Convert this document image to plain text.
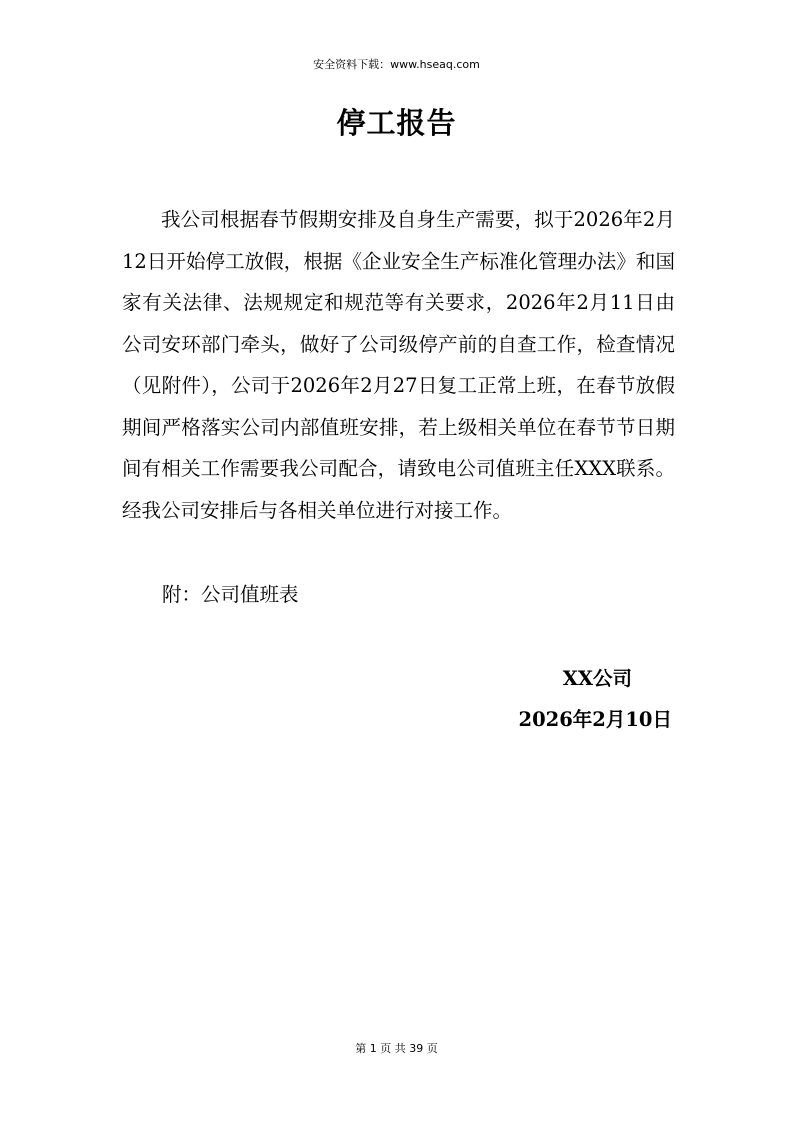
安全资料下载：www.hseaq.com
停工报告

我公司根据春节假期安排及自身生产需要，拟于2026年2月12日开始停工放假，根据《企业安全生产标准化管理办法》和国家有关法律、法规规定和规范等有关要求，2026年2月11日由公司安环部门牵头，做好了公司级停产前的自查工作，检查情况（见附件），公司于2026年2月27日复工正常上班，在春节放假期间严格落实公司内部值班安排，若上级相关单位在春节节日期间有相关工作需要我公司配合，请致电公司值班主任XXX联系。经我公司安排后与各相关单位进行对接工作。

附：公司值班表
XX公司
2026年2月10日
第 1 页 共 39 页
